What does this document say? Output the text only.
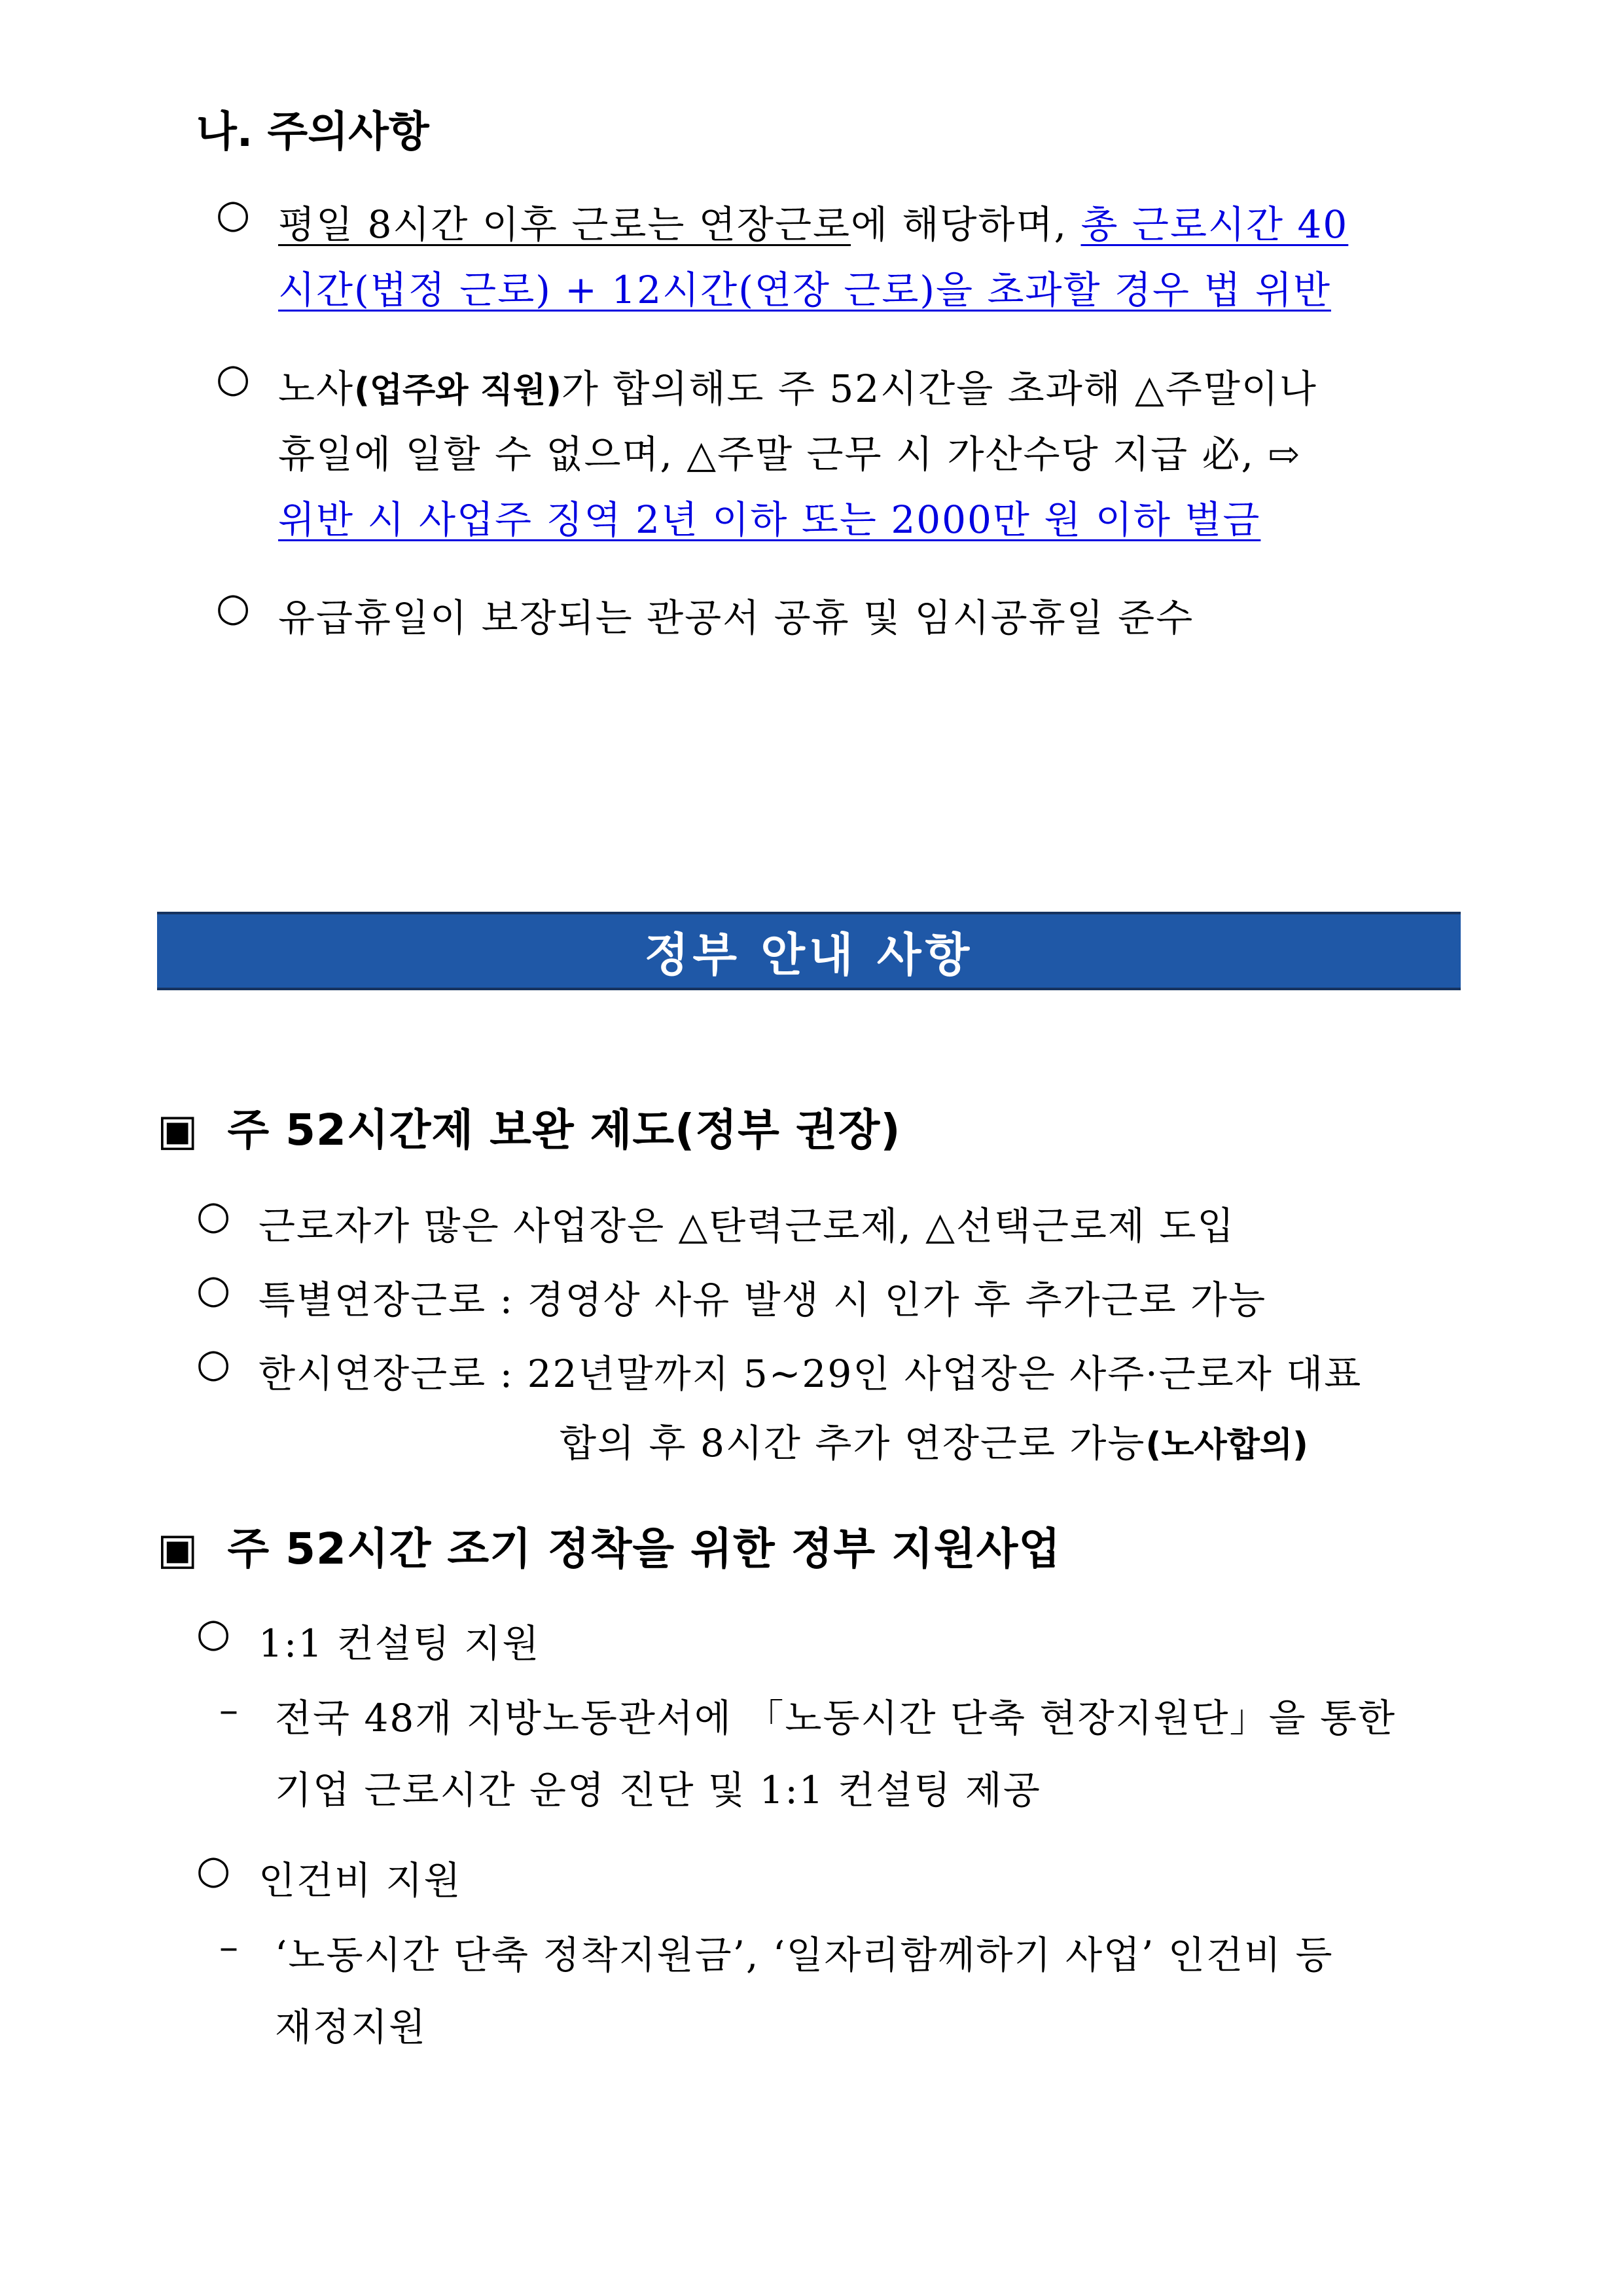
나. 주의사항
○ 평일 8시간 이후 근로는 연장근로에 해당하며, 총 근로시간 40
시간(법정 근로) + 12시간(연장 근로)을 초과할 경우 법 위반
○ 노사(업주와 직원)가 합의해도 주 52시간을 초과해 △주말이나
휴일에 일할 수 없으며, △주말 근무 시 가산수당 지급 必, ⇨
위반 시 사업주 징역 2년 이하 또는 2000만 원 이하 벌금
○ 유급휴일이 보장되는 관공서 공휴 및 임시공휴일 준수
정부 안내 사항
▣ 주 52시간제 보완 제도(정부 권장)
○ 근로자가 많은 사업장은 △탄력근로제, △선택근로제 도입
○ 특별연장근로 : 경영상 사유 발생 시 인가 후 추가근로 가능
○ 한시연장근로 : 22년말까지 5~29인 사업장은 사주·근로자 대표
합의 후 8시간 추가 연장근로 가능(노사합의)
▣ 주 52시간 조기 정착을 위한 정부 지원사업
○ 1:1 컨설팅 지원
– 전국 48개 지방노동관서에 「노동시간 단축 현장지원단」을 통한
기업 근로시간 운영 진단 및 1:1 컨설팅 제공
○ 인건비 지원
– ‘노동시간 단축 정착지원금’, ‘일자리함께하기 사업’ 인건비 등
재정지원
